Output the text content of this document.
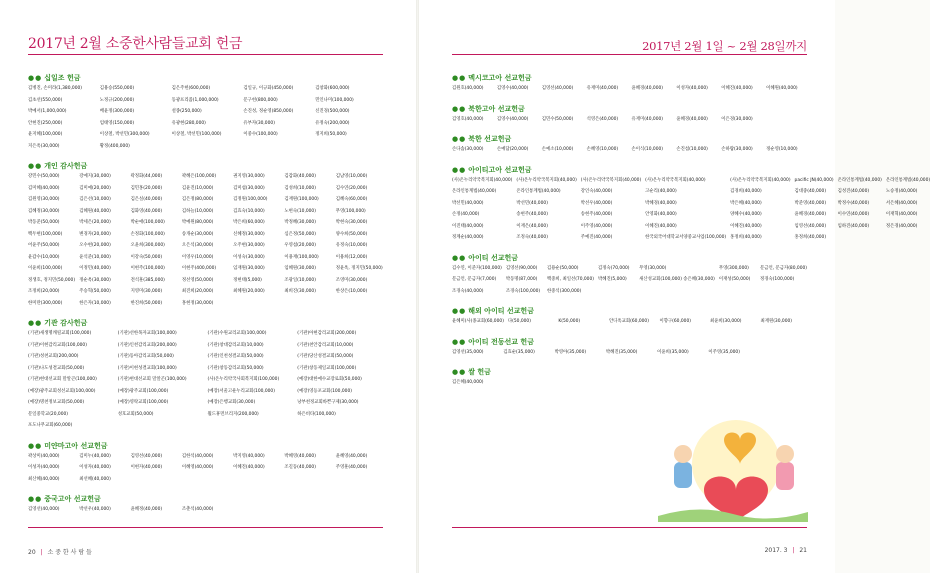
2017년 2월 소중한사람들교회 헌금	2017년 2월 1일 ~ 2월 28일까지
●● 십일조 헌금
김병진, 손미라(1,380,000)	김용승(550,000)	김은주헌(600,000)	김일규, 이규화(450,000)	김창화(600,000)
김초선(550,000)	노정규(200,000)	동광프리즘(1,000,000)	문구헌(800,000)	민인나미(100,000)
박예서(1,000,000)	배윤정(300,000)	설종(250,000)	손진성, 정순영(850,000)	신진경(500,000)
안현진(250,000)	엄태영(150,000)	유광현(280,000)	유부자(30,000)	유정숙(200,000)
윤지혜(100,000)	이상철, 박선민(300,000)	이상철, 박선민(100,000)	이중수(100,000)	정지희(50,000)
지은옥(30,000)	황정(400,000)
●● 개인 감사헌금
강민수(50,000)	강예지(30,000)	곽정화(44,000)	곽혜은(100,000)	권지영(30,000)	김갑화(40,000)	김남영(10,000)
김미혜(40,000)	김미예(20,000)	김민홍(20,000)	김윤진(10,000)	김미섭(30,000)	김성희(10,000)	김수연(20,000)
김원영(30,000)	김은선(10,000)	김은실(40,000)	김은정(80,000)	김정원(100,000)	김재원(100,000)	김혜숙(60,000)
김혜정(30,000)	김혜원(40,000)	김화영(40,000)	김하늘(10,000)	김효숙(10,000)	노현숙(10,000)	무영(100,000)
박동준(50,000)	박세은(20,000)	박순애(100,000)	박예원(80,000)	박은희(60,000)	박정혜(30,000)	박현숙(30,000)
백두현(100,000)	변경자(20,000)	손정화(100,000)	송개순(30,000)	신혜정(30,000)	심은정(50,000)	양수희(50,000)
어윤주(50,000)	오수현(20,000)	오윤희(300,000)	오은석(30,000)	오주현(30,000)	우영섭(20,000)	유정숙(10,000)
윤갑수(10,000)	윤석준(10,000)	이강숙(50,000)	이영우(10,000)	이성숙(30,000)	이용재(100,000)	이용희(12,000)
이윤희(100,000)	이정민(40,000)	이현주(100,000)	이현주(400,000)	임재원(30,000)	임혜원(30,000)	정윤옥, 정지민(50,000)
정생호, 정지민(50,000) 정순옥(30,000)	전석훈(385,000)	정선영(50,000)	정현태(5,000)	조광일(10,000)	조영미(30,000)
조정희(20,000)	주승혁(50,000)	지영미(30,000)	최진희(20,000)	최혜원(20,000)	최희진(30,000)	한상은(10,000)
한미란(300,000)	한은자(10,000)	한진희(50,000)	홍현정(30,000)
●● 기관 감사헌금
(기관)새생명캐릴교회(100,000)	(기관)선한목자교회(100,000)	(기관)수원교리교회(100,000)	(기관)아현감리교회(200,000)
(기관)이현감리교회(100,000)	(기관)인천감리교회(200,000)	(기관)창대감리교회(10,000)	(기관)천안감리교회(10,000)
(기관)성천교회(200,000)	(기관)동아감리교회(50,000)	(기관)인천성결교회(50,000)	(기관)당산성결교회(50,000)
(기관)나도성결교회(50,000)	(기관)이현성결교회(100,000)	(기관)창동감리교회(50,000)	(기관)창동제일교회(100,000)
(기관)현대선교회 말알곤(100,000)	(기관)현대선교회 말알곤(100,000)	(사)온누리약국사회복지회(100,000)	(예장)대한예수교장로회(50,000)
(예장)광주교회성선교회(100,000)	(예장)광주교회(100,000)	(예장)서울고운누리교회(100,000)	(예장)영등포교회(100,000)
(예장)명천정보교회(50,000)	(예장)영락교회(100,000)	(예장)은행교회(30,000)	낭부천정교회바쁜구제(30,000)
문일중학교(20,000)	성호교회(50,000)	월드휴먼브리지(200,000)	하은비타(100,000)
포도나무교회(60,000)
●● 미얀마고아 선교헌금
곽상미(40,000)	김미누(40,000)	김영선(40,000)	김한석(40,000)	박지영(40,000)	박혜영(40,000)	윤혜영(40,000)
이성자(40,000)	이성자(40,000)	이현자(40,000)	이혜영(40,000)	이혜진(40,000)	조길동(40,000)	주영훈(40,000)
최산혜(40,000)	최선혜(40,000)
●● 중국고아 선교헌금
김영선(40,000)	박선우(40,000)	윤혜정(40,000)	조춘석(40,000)
●● 멕시코고아 선교헌금
김원호(40,000)	김영수(40,000)	김영선(40,000)	유재미(40,000)	윤혜경(40,000)	이성자(40,000)	이혜진(40,000)	이혜원(40,000)
●● 북한고아 선교헌금
김영호(40,000)	김영수(40,000)	김민수(50,000)	석영은(40,000)	유재미(40,000)	윤혜경(40,000)	이은경(30,000)
●● 북한 선교헌금
손다솜(30,000)	손예담(20,000)	손예소(10,000)	손혜영(10,000)	손이식(10,000)	손진섭(10,000)	손하람(30,000)	정순영(10,000)
●● 아이티고아 선교헌금
(사)온누리약국복지회(40,000) (사)온누리약국복지회(40,000) (사)온누리약국복지회(40,000) (사)온누리약국복지회(40,000)	(사)온누리약국복지회(40,000) pacific JN(40,000) 온라인통계법(40,000) 온라인통계법(40,000)
온라인통계법(40,000)	온라인통계법(40,000)	강인숙(40,000)	고순리(40,000)	김경희(40,000)	김대중(40,000)	김성진(40,000)	노승정(40,000)
박선민(40,000)	박선민(40,000)	박선우(40,000)	박혜경(40,000)	박은혜(40,000)	박준영(40,000)	박정수(40,000)	서은혜(40,000)
손정(40,000)	송현주(40,000)	송현주(40,000)	안영화(40,000)	양혜수(40,000)	윤혜경(40,000)	이수연(40,000)	이재혁(40,000)
이진태(40,000)	이재은(40,000)	이주영(40,000)	이혜진(40,000)	이혜진(40,000)	임영선(40,000)	임하진(40,000)	정은경(40,000)
정계순(40,000)	조정숙(40,000)	주예진(40,000)	한국외국어대학교서양중교사업(100,000) 홍정희(40,000)	홍정희(40,000)
●● 아이티 선교헌금
김수연, 이준자(100,000) 김영선(90,000)	김용순(50,000)	김정숙(70,000)	무영(30,000)	무영(300,000)	문금언, 문금자(80,000)
문금언, 문금자(7,000)	박동명(87,000)	백중희, 최일선(70,000) 박혜진(5,000)	새산성교회(100,000) 송은혜(30,000) 이재성(50,000)	정경숙(100,000)
조경숙(40,000)	조경숙(100,000)	한중석(300,000)
●● 해외 아이티 선교헌금
윤혜미(사)종교회(60,000) 다(50,000)	K(50,000)	안디옥교회(60,000)	이향구(60,000)	최윤희(30,000)	최재원(30,000)
●● 아이티 전동선교 헌금
김영선(35,000)	김효순(35,000)	박영아(35,000)	박혜진(35,000)	이윤희(35,000)	이주영(35,000)
●● 쌀 헌금
김은혜(40,000)
20 | 소 중 한 사 람 들	2017. 3 | 21
